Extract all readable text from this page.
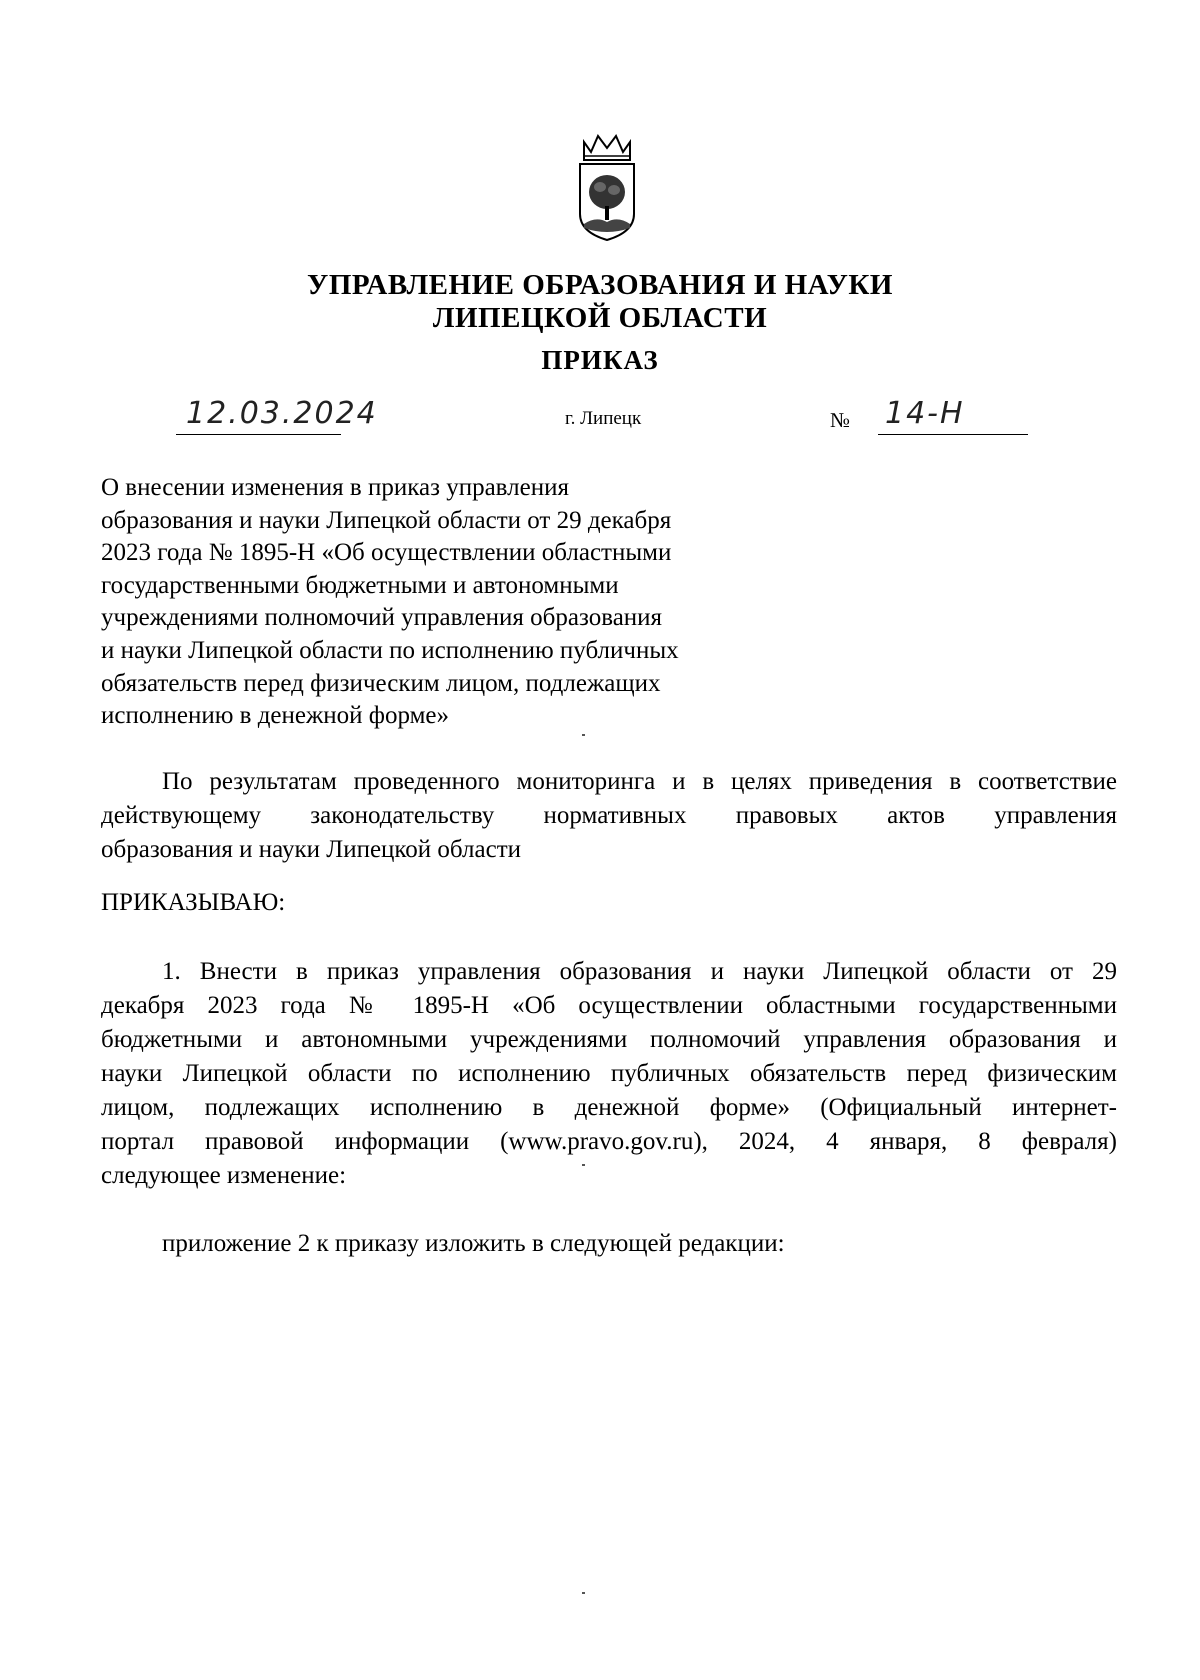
УПРАВЛЕНИЕ ОБРАЗОВАНИЯ И НАУКИ
ЛИПЕЦКОЙ ОБЛАСТИ
ПРИКАЗ
12.03.2024	г. Липецк	№ 14-Н
О внесении изменения в приказ управления
образования и науки Липецкой области от 29 декабря
2023 года № 1895-Н «Об осуществлении областными
государственными бюджетными и автономными
учреждениями полномочий управления образования
и науки Липецкой области по исполнению публичных
обязательств перед физическим лицом, подлежащих
исполнению в денежной форме»
По результатам проведенного мониторинга и в целях приведения в соответствие
действующему законодательству нормативных правовых актов управления
образования и науки Липецкой области
ПРИКАЗЫВАЮ:
1. Внести в приказ управления образования и науки Липецкой области от 29
декабря 2023 года № 1895-Н «Об осуществлении областными государственными
бюджетными и автономными учреждениями полномочий управления образования и
науки Липецкой области по исполнению публичных обязательств перед физическим
лицом, подлежащих исполнению в денежной форме» (Официальный интернет-
портал правовой информации (www.pravo.gov.ru), 2024, 4 января, 8 февраля)
следующее изменение:
приложение 2 к приказу изложить в следующей редакции:
